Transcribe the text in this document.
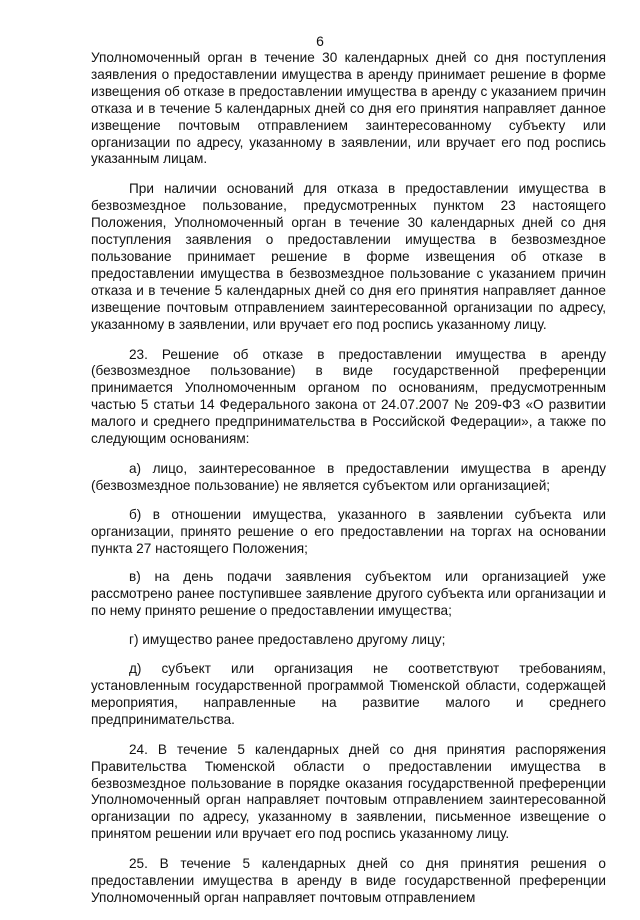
6

Уполномоченный орган в течение 30 календарных дней со дня поступления заявления о предоставлении имущества в аренду принимает решение в форме извещения об отказе в предоставлении имущества в аренду с указанием причин отказа и в течение 5 календарных дней со дня его принятия направляет данное извещение почтовым отправлением заинтересованному субъекту или организации по адресу, указанному в заявлении, или вручает его под роспись указанным лицам.

При наличии оснований для отказа в предоставлении имущества в безвозмездное пользование, предусмотренных пунктом 23 настоящего Положения, Уполномоченный орган в течение 30 календарных дней со дня поступления заявления о предоставлении имущества в безвозмездное пользование принимает решение в форме извещения об отказе в предоставлении имущества в безвозмездное пользование с указанием причин отказа и в течение 5 календарных дней со дня его принятия направляет данное извещение почтовым отправлением заинтересованной организации по адресу, указанному в заявлении, или вручает его под роспись указанному лицу.

23. Решение об отказе в предоставлении имущества в аренду (безвозмездное пользование) в виде государственной преференции принимается Уполномоченным органом по основаниям, предусмотренным частью 5 статьи 14 Федерального закона от 24.07.2007 № 209-ФЗ «О развитии малого и среднего предпринимательства в Российской Федерации», а также по следующим основаниям:

а) лицо, заинтересованное в предоставлении имущества в аренду (безвозмездное пользование) не является субъектом или организацией;

б) в отношении имущества, указанного в заявлении субъекта или организации, принято решение о его предоставлении на торгах на основании пункта 27 настоящего Положения;

в) на день подачи заявления субъектом или организацией уже рассмотрено ранее поступившее заявление другого субъекта или организации и по нему принято решение о предоставлении имущества;

г) имущество ранее предоставлено другому лицу;

д) субъект или организация не соответствуют требованиям, установленным государственной программой Тюменской области, содержащей мероприятия, направленные на развитие малого и среднего предпринимательства.

24. В течение 5 календарных дней со дня принятия распоряжения Правительства Тюменской области о предоставлении имущества в безвозмездное пользование в порядке оказания государственной преференции Уполномоченный орган направляет почтовым отправлением заинтересованной организации по адресу, указанному в заявлении, письменное извещение о принятом решении или вручает его под роспись указанному лицу.

25. В течение 5 календарных дней со дня принятия решения о предоставлении имущества в аренду в виде государственной преференции Уполномоченный орган направляет почтовым отправлением
